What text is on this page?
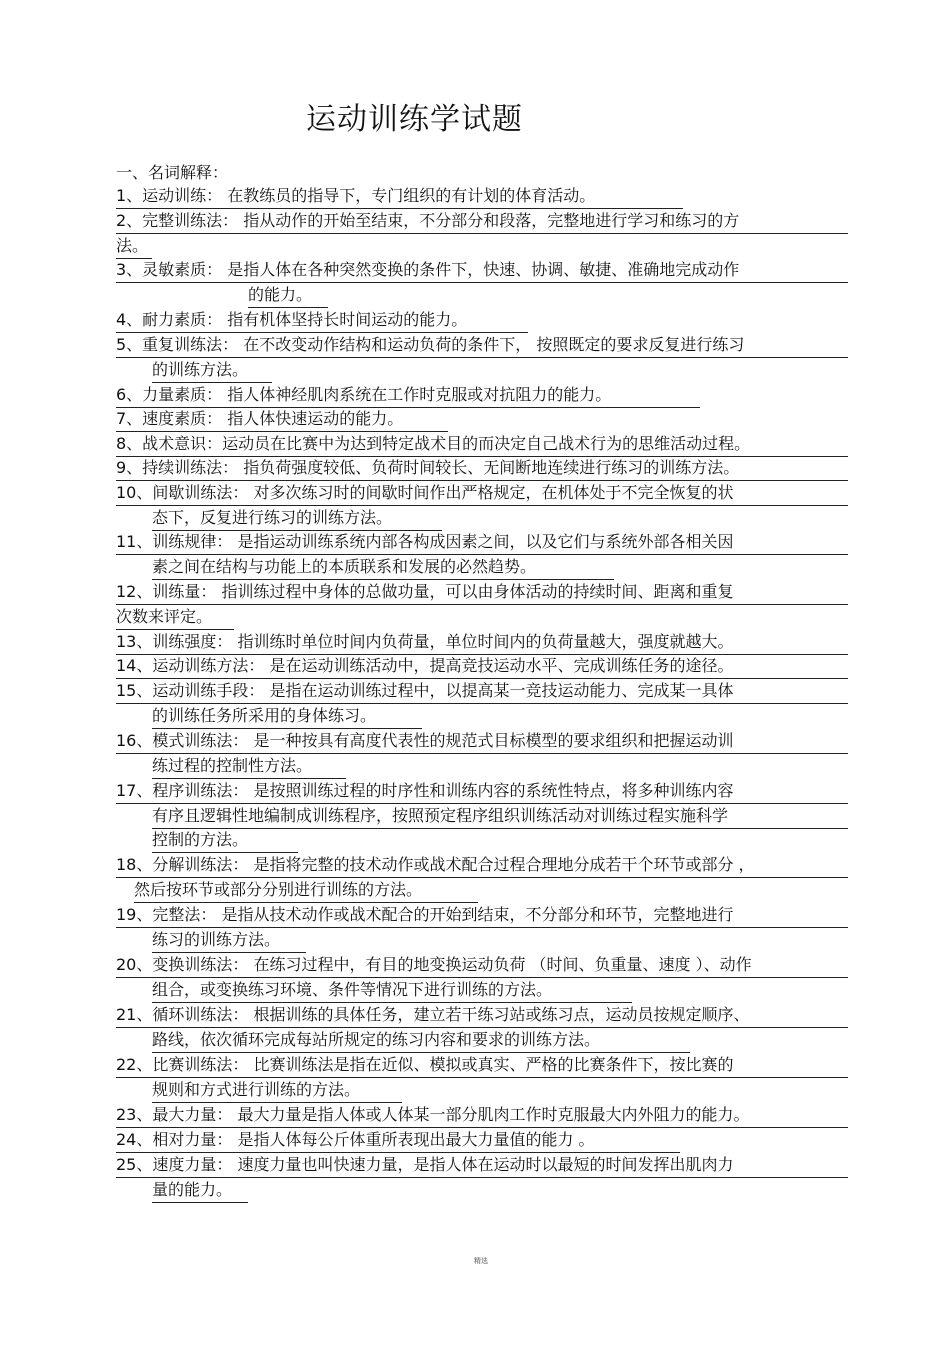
运动训练学试题
一、名词解释：
1、运动训练： 在教练员的指导下，专门组织的有计划的体育活动。
2、完整训练法： 指从动作的开始至结束，不分部分和段落，完整地进行学习和练习的方
法。
3、灵敏素质： 是指人体在各种突然变换的条件下，快速、协调、敏捷、准确地完成动作
的能力。
4、耐力素质： 指有机体坚持长时间运动的能力。
5、重复训练法： 在不改变动作结构和运动负荷的条件下， 按照既定的要求反复进行练习
的训练方法。
6、力量素质： 指人体神经肌肉系统在工作时克服或对抗阻力的能力。
7、速度素质： 指人体快速运动的能力。
8、战术意识：运动员在比赛中为达到特定战术目的而决定自己战术行为的思维活动过程。
9、持续训练法： 指负荷强度较低、负荷时间较长、无间断地连续进行练习的训练方法。
10、间歇训练法： 对多次练习时的间歇时间作出严格规定，在机体处于不完全恢复的状
态下，反复进行练习的训练方法。
11、训练规律： 是指运动训练系统内部各构成因素之间，以及它们与系统外部各相关因
素之间在结构与功能上的本质联系和发展的必然趋势。
12、训练量： 指训练过程中身体的总做功量，可以由身体活动的持续时间、距离和重复
次数来评定。
13、训练强度： 指训练时单位时间内负荷量，单位时间内的负荷量越大，强度就越大。
14、运动训练方法： 是在运动训练活动中，提高竞技运动水平、完成训练任务的途径。
15、运动训练手段： 是指在运动训练过程中，以提高某一竞技运动能力、完成某一具体
的训练任务所采用的身体练习。
16、模式训练法： 是一种按具有高度代表性的规范式目标模型的要求组织和把握运动训
练过程的控制性方法。
17、程序训练法： 是按照训练过程的时序性和训练内容的系统性特点，将多种训练内容
有序且逻辑性地编制成训练程序，按照预定程序组织训练活动对训练过程实施科学
控制的方法。
18、分解训练法： 是指将完整的技术动作或战术配合过程合理地分成若干个环节或部分 ，
然后按环节或部分分别进行训练的方法。
19、完整法： 是指从技术动作或战术配合的开始到结束，不分部分和环节，完整地进行
练习的训练方法。
20、变换训练法： 在练习过程中，有目的地变换运动负荷 （时间、负重量、速度 ）、动作
组合，或变换练习环境、条件等情况下进行训练的方法。
21、循环训练法： 根据训练的具体任务，建立若干练习站或练习点，运动员按规定顺序、
路线，依次循环完成每站所规定的练习内容和要求的训练方法。
22、比赛训练法： 比赛训练法是指在近似、模拟或真实、严格的比赛条件下，按比赛的
规则和方式进行训练的方法。
23、最大力量： 最大力量是指人体或人体某一部分肌肉工作时克服最大内外阻力的能力。
24、相对力量： 是指人体每公斤体重所表现出最大力量值的能力 。
25、速度力量： 速度力量也叫快速力量，是指人体在运动时以最短的时间发挥出肌肉力
量的能力。
精选
